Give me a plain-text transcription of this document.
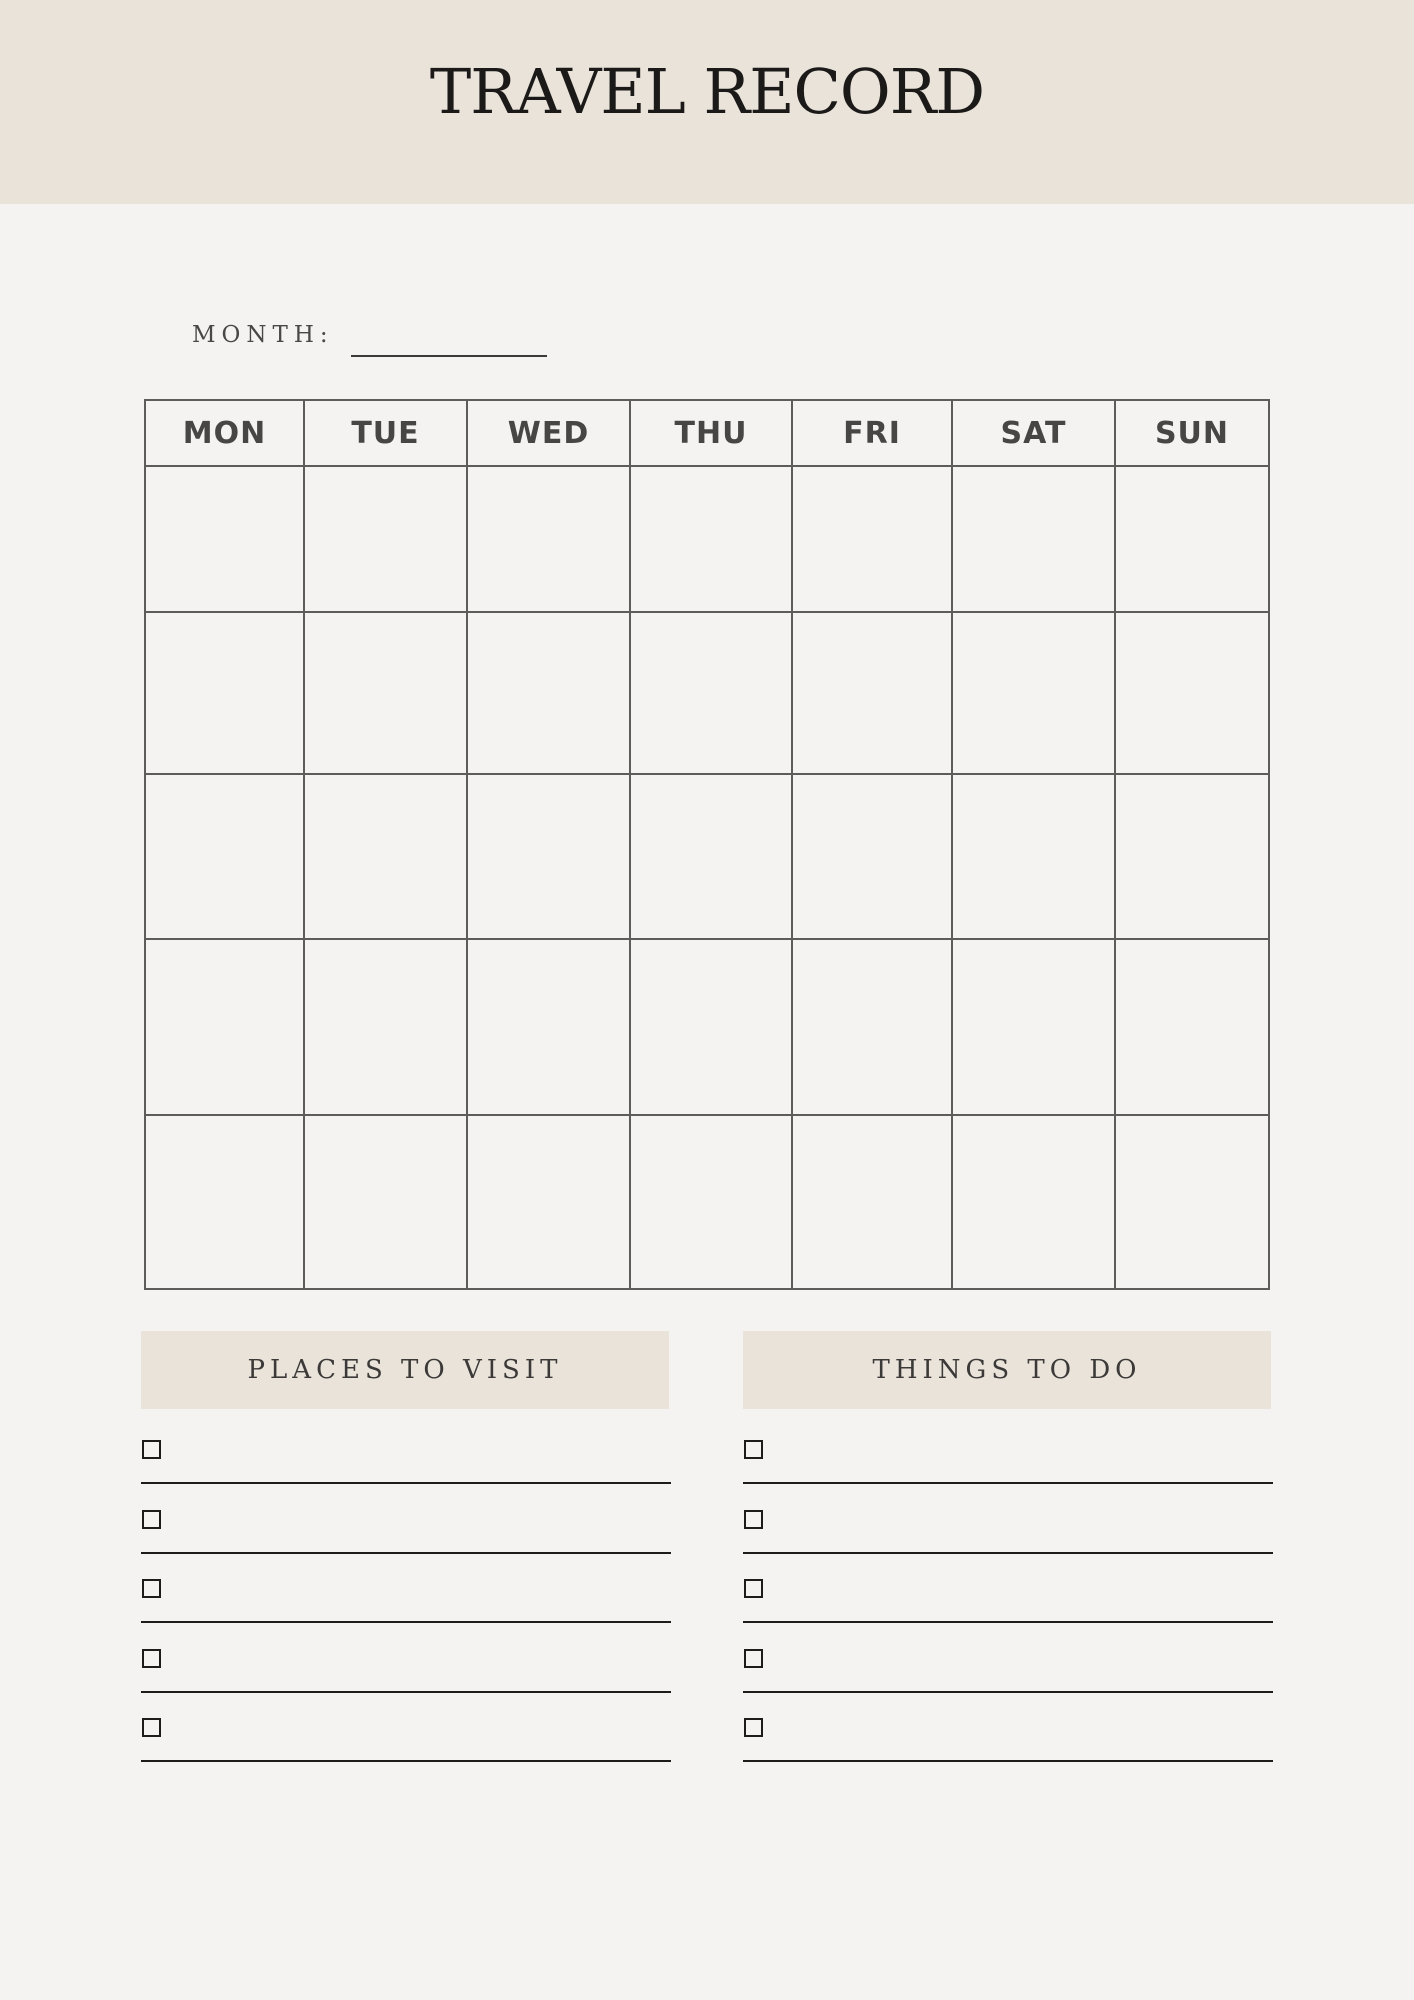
TRAVEL RECORD
MONTH:
MON	TUE	WED	THU	FRI	SAT	SUN

PLACES TO VISIT	THINGS TO DO
